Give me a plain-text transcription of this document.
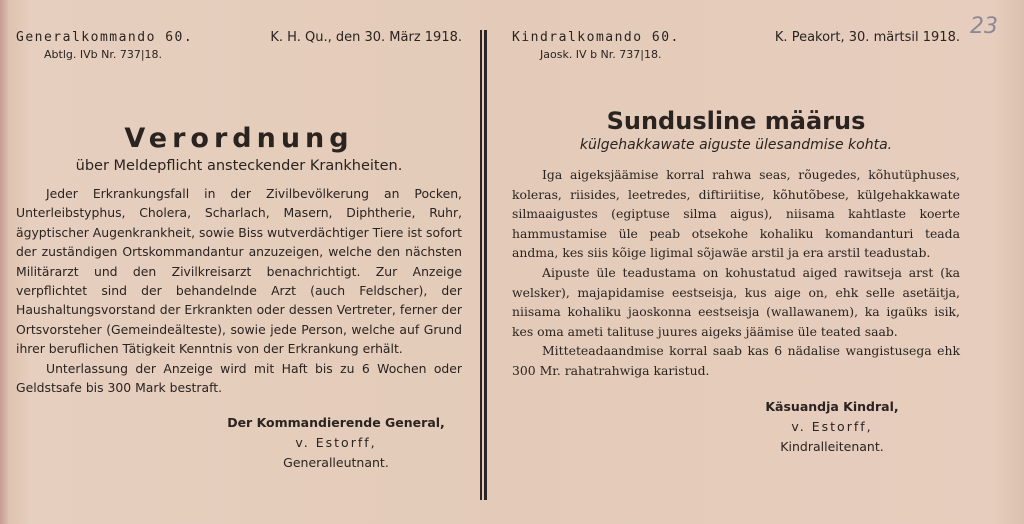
23
Generalkommando 60.	K. H. Qu., den 30. März 1918.
Abtlg. IVb Nr. 737|18.
Verordnung
über Meldepflicht ansteckender Krankheiten.

Jeder Erkrankungsfall in der Zivilbevölkerung an Pocken, Unterleibstyphus, Cholera, Scharlach, Masern, Diphtherie, Ruhr, ägyptischer Augenkrankheit, sowie Biss wutverdächtiger Tiere ist sofort der zuständigen Ortskommandantur anzuzeigen, welche den nächsten Militärarzt und den Zivilkreisarzt benachrichtigt. Zur Anzeige verpflichtet sind der behandelnde Arzt (auch Feldscher), der Haushaltungsvorstand der Erkrankten oder dessen Vertreter, ferner der Ortsvorsteher (Gemeindeälteste), sowie jede Person, welche auf Grund ihrer beruflichen Tätigkeit Kenntnis von der Erkrankung erhält.

Unterlassung der Anzeige wird mit Haft bis zu 6 Wochen oder Geldstsafe bis 300 Mark bestraft.

Der Kommandierende General,
v. Estorff,
Generalleutnant.
Kindralkomando 60.	K. Peakort, 30. märtsil 1918.
Jaosk. IV b Nr. 737|18.
Sundusline määrus
külgehakkawate aiguste ülesandmise kohta.

Iga aigeksjäämise korral rahwa seas, rõugedes, kõhutüphuses, koleras, riisides, leetredes, diftiriitise, kõhutõbese, külgehakkawate silmaaigustes (egiptuse silma aigus), niisama kahtlaste koerte hammustamise üle peab otsekohe kohaliku komandanturi teada andma, kes siis kõige ligimal sõjawäe arstil ja era arstil teadustab.

Aipuste üle teadustama on kohustatud aiged rawitseja arst (ka welsker), majapidamise eestseisja, kus aige on, ehk selle asetäitja, niisama kohaliku jaoskonna eestseisja (wallawanem), ka igaüks isik, kes oma ameti talituse juures aigeks jäämise üle teated saab.

Mitteteadaandmise korral saab kas 6 nädalise wangistusega ehk 300 Mr. rahatrahwiga karistud.

Käsuandja Kindral,
v. Estorff,
Kindralleitenant.
